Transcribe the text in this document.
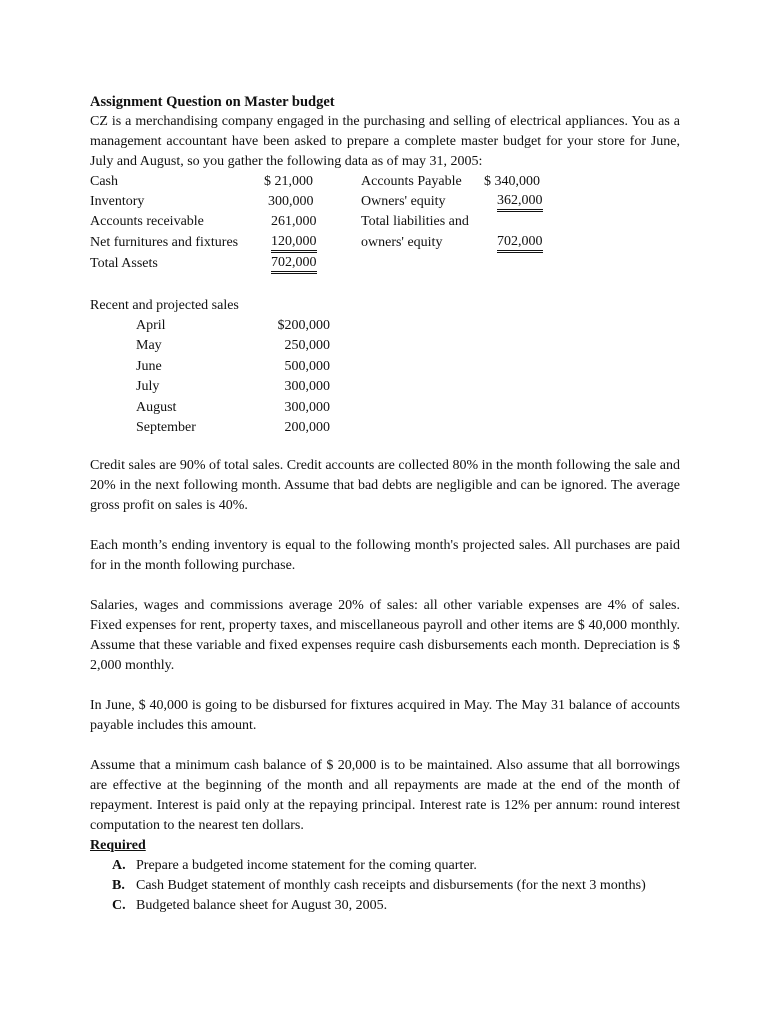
Assignment Question on Master budget
CZ is a merchandising company engaged in the purchasing and selling of electrical appliances. You as a management accountant have been asked to prepare a complete master budget for your store for June, July and August, so you gather the following data as of may 31, 2005:
Cash	$ 21,000
Inventory	300,000
Accounts receivable	261,000
Net furnitures and fixtures 120,000
Total Assets	702,000
Accounts Payable $ 340,000
Owners' equity	362,000
Total liabilities and
owners' equity	702,000
Recent and projected sales
April	$200,000
May	250,000
June	500,000
July	300,000
August	300,000
September	200,000
Credit sales are 90% of total sales. Credit accounts are collected 80% in the month following the sale and 20% in the next following month. Assume that bad debts are negligible and can be ignored. The average gross profit on sales is 40%.
Each month’s ending inventory is equal to the following month's projected sales. All purchases are paid for in the month following purchase.
Salaries, wages and commissions average 20% of sales: all other variable expenses are 4% of sales. Fixed expenses for rent, property taxes, and miscellaneous payroll and other items are $ 40,000 monthly. Assume that these variable and fixed expenses require cash disbursements each month. Depreciation is $ 2,000 monthly.
In June, $ 40,000 is going to be disbursed for fixtures acquired in May. The May 31 balance of accounts payable includes this amount.
Assume that a minimum cash balance of $ 20,000 is to be maintained. Also assume that all borrowings are effective at the beginning of the month and all repayments are made at the end of the month of repayment. Interest is paid only at the repaying principal. Interest rate is 12% per annum: round interest computation to the nearest ten dollars.
Required
A. Prepare a budgeted income statement for the coming quarter.
B. Cash Budget statement of monthly cash receipts and disbursements (for the next 3 months)
C. Budgeted balance sheet for August 30, 2005.
